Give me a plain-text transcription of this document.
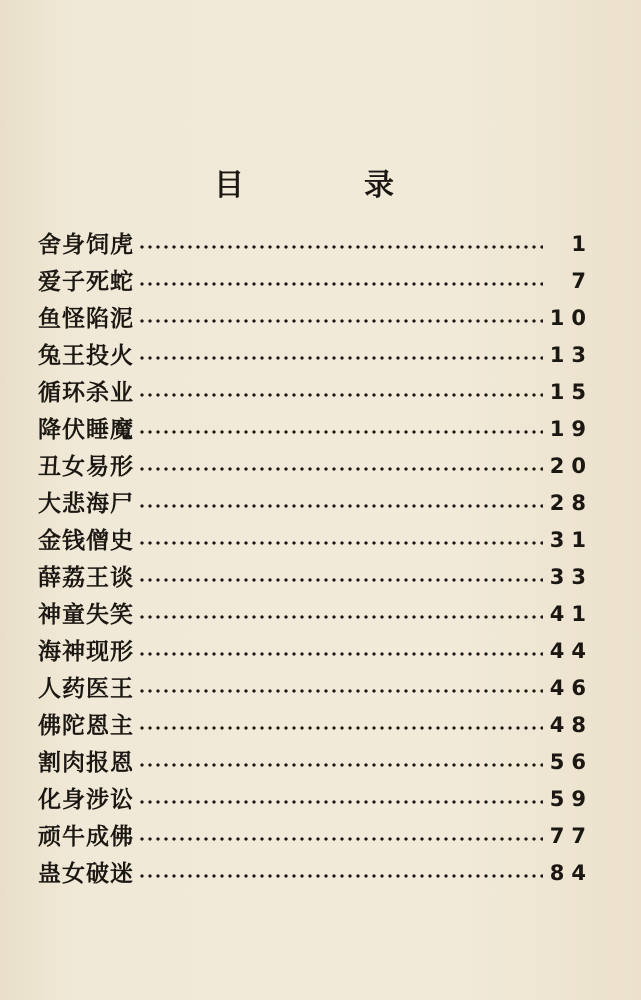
目	录
舍身饲虎	1
爱子死蛇	7
鱼怪陷泥	10
兔王投火	13
循环杀业	15
降伏睡魔	19
丑女易形	20
大悲海尸	28
金钱僧史	31
薛荔王谈	33
神童失笑	41
海神现形	44
人药医王	46
佛陀恩主	48
割肉报恩	56
化身涉讼	59
顽牛成佛	77
蛊女破迷	84
